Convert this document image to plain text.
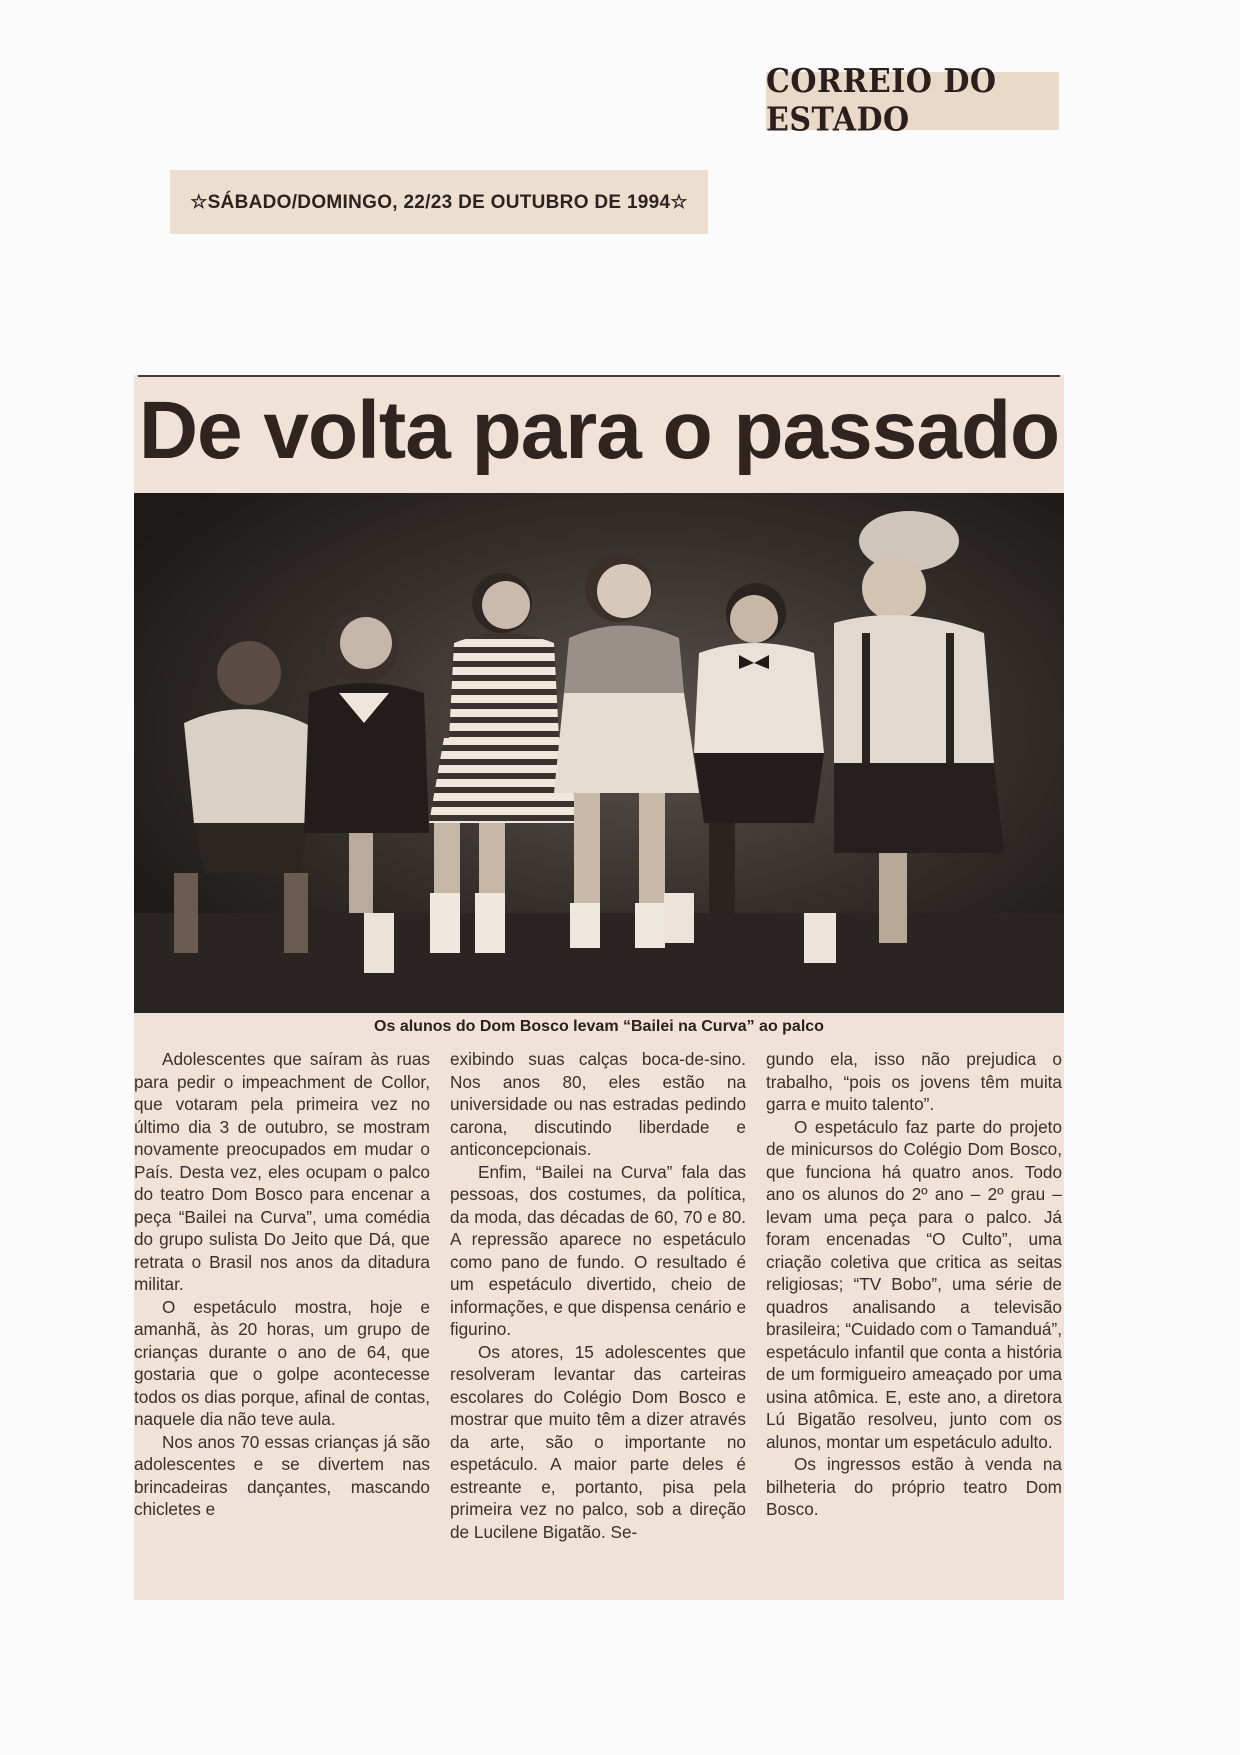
CORREIO DO ESTADO
☆SÁBADO/DOMINGO, 22/23 DE OUTUBRO DE 1994☆
De volta para o passado
Os alunos do Dom Bosco levam “Bailei na Curva” ao palco

Adolescentes que saíram às ruas para pedir o impeachment de Collor, que votaram pela primeira vez no último dia 3 de outubro, se mostram novamente preocupados em mudar o País. Desta vez, eles ocupam o palco do teatro Dom Bosco para encenar a peça “Bailei na Curva”, uma comédia do grupo sulista Do Jeito que Dá, que retrata o Brasil nos anos da ditadura militar.

O espetáculo mostra, hoje e amanhã, às 20 horas, um grupo de crianças durante o ano de 64, que gostaria que o golpe acontecesse todos os dias porque, afinal de contas, naquele dia não teve aula.

Nos anos 70 essas crianças já são adolescentes e se divertem nas brincadeiras dançantes, mascando chicletes e

exibindo suas calças boca-de-sino. Nos anos 80, eles estão na universidade ou nas estradas pedindo carona, discutindo liberdade e anticoncepcionais.

Enfim, “Bailei na Curva” fala das pessoas, dos costumes, da política, da moda, das décadas de 60, 70 e 80. A repressão aparece no espetáculo como pano de fundo. O resultado é um espetáculo divertido, cheio de informações, e que dispensa cenário e figurino.

Os atores, 15 adolescentes que resolveram levantar das carteiras escolares do Colégio Dom Bosco e mostrar que muito têm a dizer através da arte, são o importante no espetáculo. A maior parte deles é estreante e, portanto, pisa pela primeira vez no palco, sob a direção de Lucilene Bigatão. Se-

gundo ela, isso não prejudica o trabalho, “pois os jovens têm muita garra e muito talento”.

O espetáculo faz parte do projeto de minicursos do Colégio Dom Bosco, que funciona há quatro anos. Todo ano os alunos do 2º ano – 2º grau – levam uma peça para o palco. Já foram encenadas “O Culto”, uma criação coletiva que critica as seitas religiosas; “TV Bobo”, uma série de quadros analisando a televisão brasileira; “Cuidado com o Tamanduá”, espetáculo infantil que conta a história de um formigueiro ameaçado por uma usina atômica. E, este ano, a diretora Lú Bigatão resolveu, junto com os alunos, montar um espetáculo adulto.

Os ingressos estão à venda na bilheteria do próprio teatro Dom Bosco.
